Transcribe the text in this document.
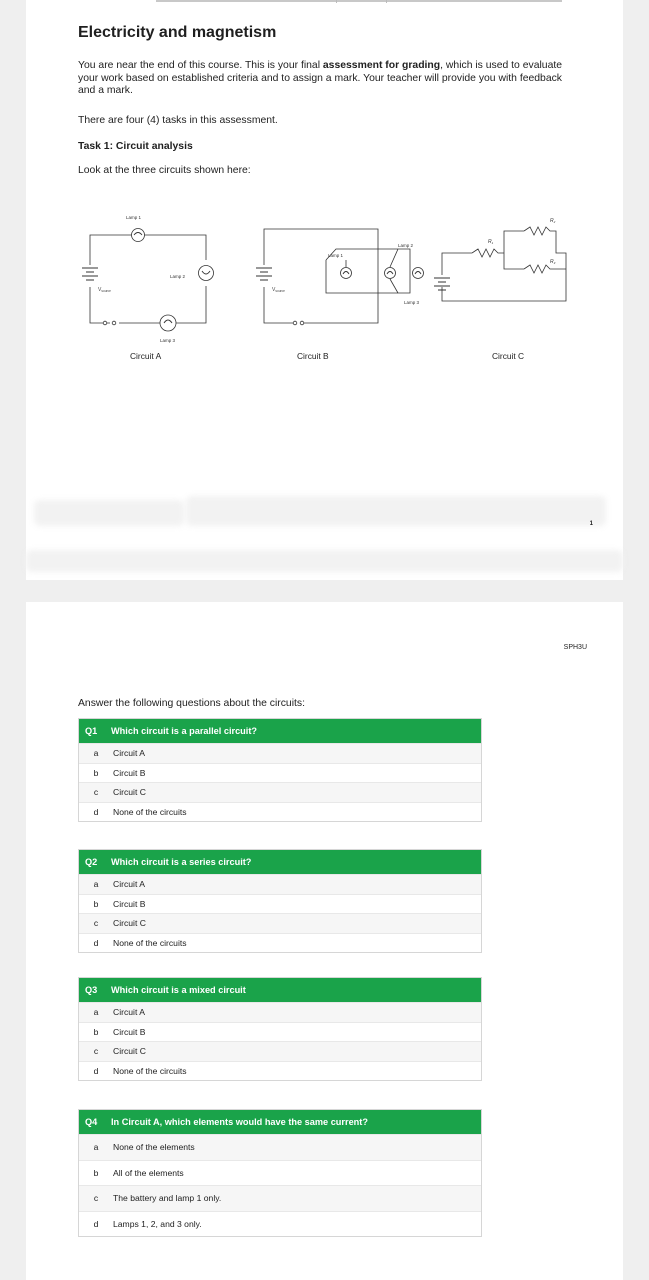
Electricity and magnetism

You are near the end of this course. This is your final assessment for grading, which is used to evaluate your work based on established criteria and to assign a mark. Your teacher will provide you with feedback and a mark.

There are four (4) tasks in this assessment.

Task 1: Circuit analysis

Look at the three circuits shown here:

Lamp 1
Lamp 2
Lamp 3
$V_{source}$

Circuit A

Lamp 1
Lamp 2
Lamp 3
$V_{source}$

Circuit B

$R_1$
$R_2$
$R_3$

Circuit C

1
SPH3U

Answer the following questions about the circuits:

Q1 Which circuit is a parallel circuit?
a Circuit A
b Circuit B
c Circuit C
d None of the circuits
Q2 Which circuit is a series circuit?
a Circuit A
b Circuit B
c Circuit C
d None of the circuits
Q3 Which circuit is a mixed circuit
a Circuit A
b Circuit B
c Circuit C
d None of the circuits
Q4 In Circuit A, which elements would have the same current?
a None of the elements
b All of the elements
c The battery and lamp 1 only.
d Lamps 1, 2, and 3 only.
